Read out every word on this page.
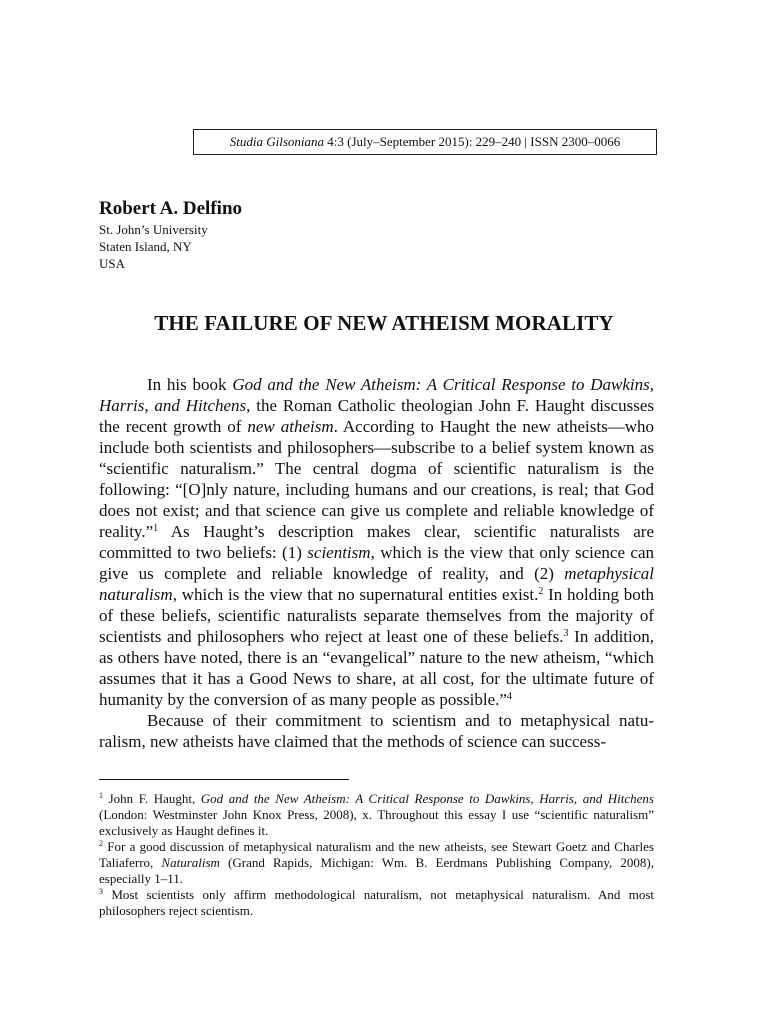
Studia Gilsoniana 4:3 (July–September 2015): 229–240 | ISSN 2300–0066
Robert A. Delfino
St. John’s University
Staten Island, NY
USA
THE FAILURE OF NEW ATHEISM MORALITY

In his book God and the New Atheism: A Critical Response to Dawkins, Harris, and Hitchens, the Roman Catholic theologian John F. Haught discusses the recent growth of new atheism. According to Haught the new atheists—who include both scientists and philosophers—subscribe to a belief system known as “scientific naturalism.” The central dogma of scientific naturalism is the following: “[O]nly nature, including humans and our creations, is real; that God does not exist; and that science can give us complete and reliable knowledge of reality.”$^1$ As Haught’s description makes clear, scientific naturalists are committed to two beliefs: (1) scientism, which is the view that only science can give us complete and reliable knowledge of reality, and (2) metaphysical naturalism, which is the view that no supernatural entities exist.$^2$ In holding both of these beliefs, scientific naturalists separate themselves from the majority of scientists and philosophers who reject at least one of these beliefs.$^3$ In addition, as others have noted, there is an “evangelical” nature to the new atheism, “which assumes that it has a Good News to share, at all cost, for the ultimate future of humanity by the conversion of as many people as possible.”$^4$

Because of their commitment to scientism and to metaphysical naturalism, new atheists have claimed that the methods of science can success-

$^1$ John F. Haught, God and the New Atheism: A Critical Response to Dawkins, Harris, and Hitchens (London: Westminster John Knox Press, 2008), x. Throughout this essay I use “scientific naturalism” exclusively as Haught defines it.

$^2$ For a good discussion of metaphysical naturalism and the new atheists, see Stewart Goetz and Charles Taliaferro, Naturalism (Grand Rapids, Michigan: Wm. B. Eerdmans Publishing Company, 2008), especially 1–11.

$^3$ Most scientists only affirm methodological naturalism, not metaphysical naturalism. And most philosophers reject scientism.
